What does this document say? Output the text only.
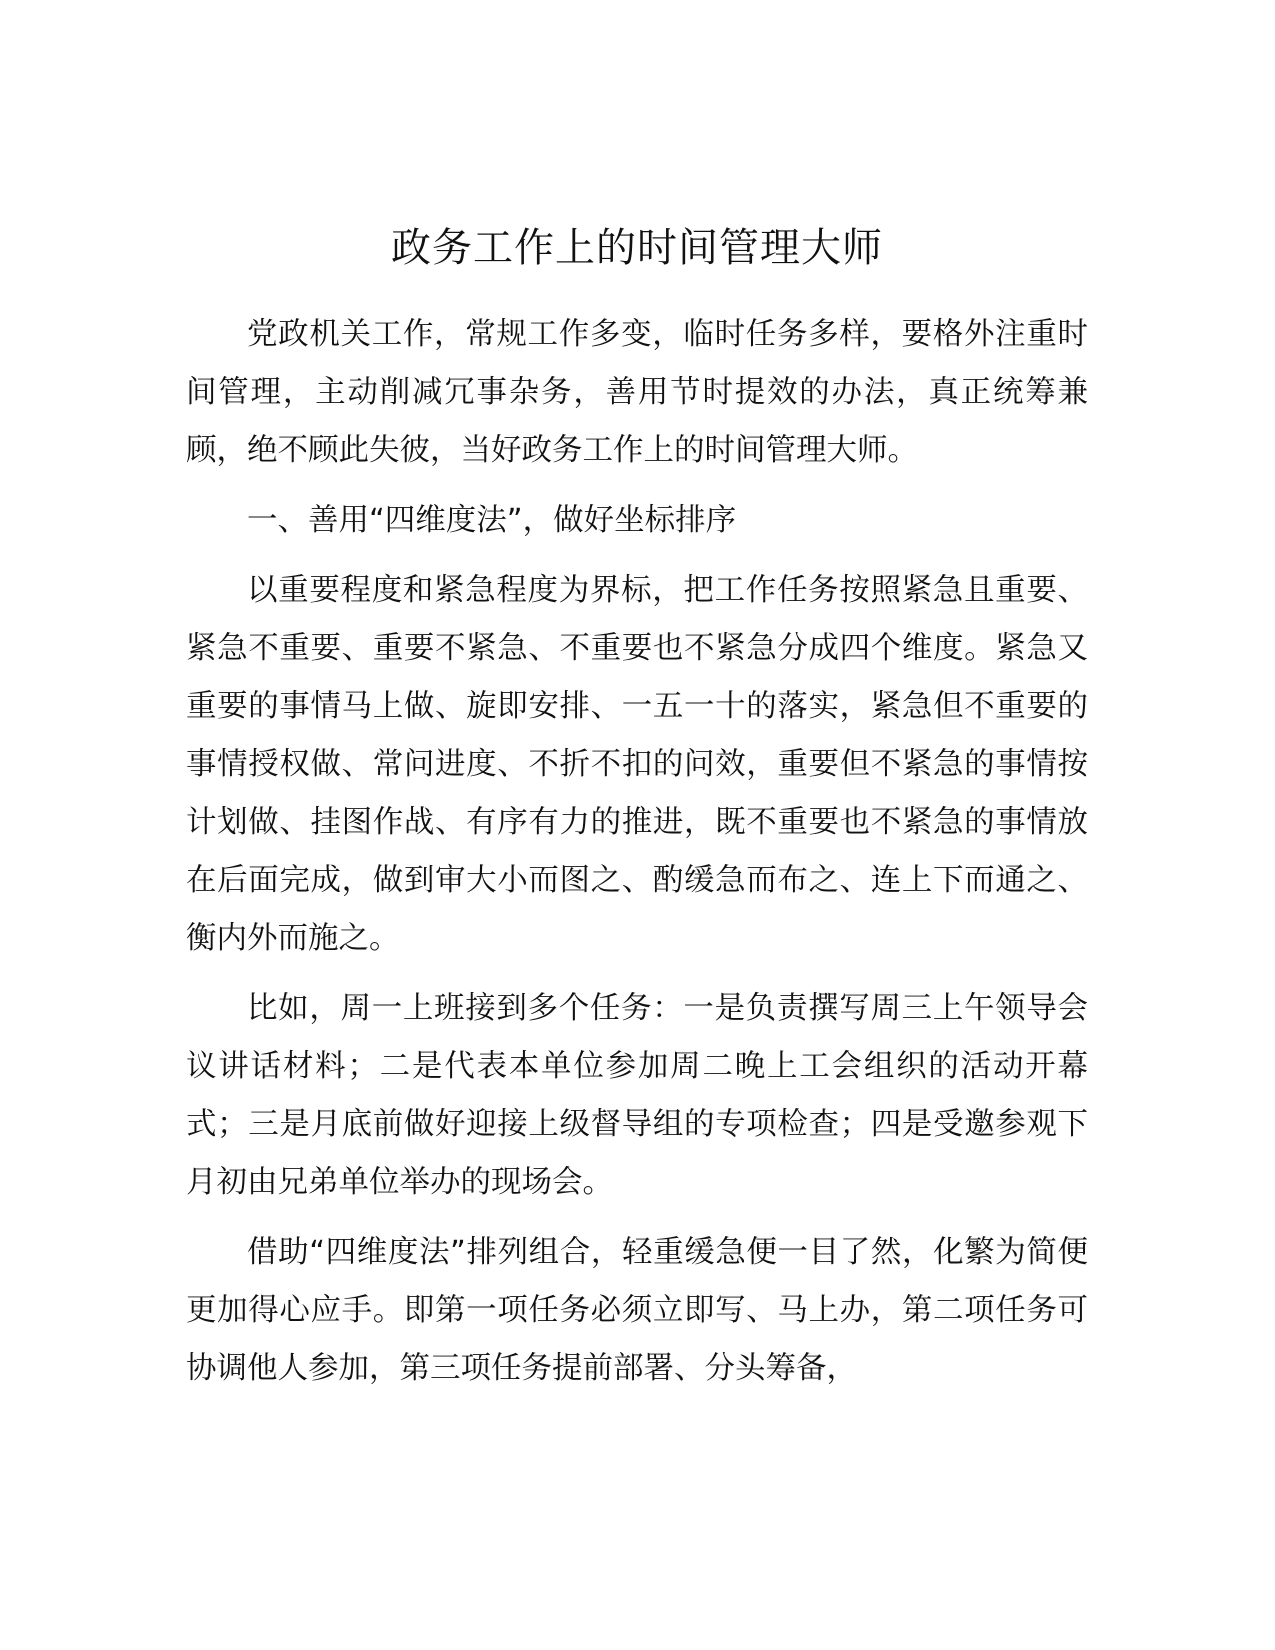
政务工作上的时间管理大师

党政机关工作，常规工作多变，临时任务多样，要格外注重时间管理，主动削减冗事杂务，善用节时提效的办法，真正统筹兼顾，绝不顾此失彼，当好政务工作上的时间管理大师。

一、善用“四维度法”，做好坐标排序

以重要程度和紧急程度为界标，把工作任务按照紧急且重要、紧急不重要、重要不紧急、不重要也不紧急分成四个维度。紧急又重要的事情马上做、旋即安排、一五一十的落实，紧急但不重要的事情授权做、常问进度、不折不扣的问效，重要但不紧急的事情按计划做、挂图作战、有序有力的推进，既不重要也不紧急的事情放在后面完成，做到审大小而图之、酌缓急而布之、连上下而通之、衡内外而施之。

比如，周一上班接到多个任务：一是负责撰写周三上午领导会议讲话材料；二是代表本单位参加周二晚上工会组织的活动开幕式；三是月底前做好迎接上级督导组的专项检查；四是受邀参观下月初由兄弟单位举办的现场会。

借助“四维度法”排列组合，轻重缓急便一目了然，化繁为简便更加得心应手。即第一项任务必须立即写、马上办，第二项任务可协调他人参加，第三项任务提前部署、分头筹备，
